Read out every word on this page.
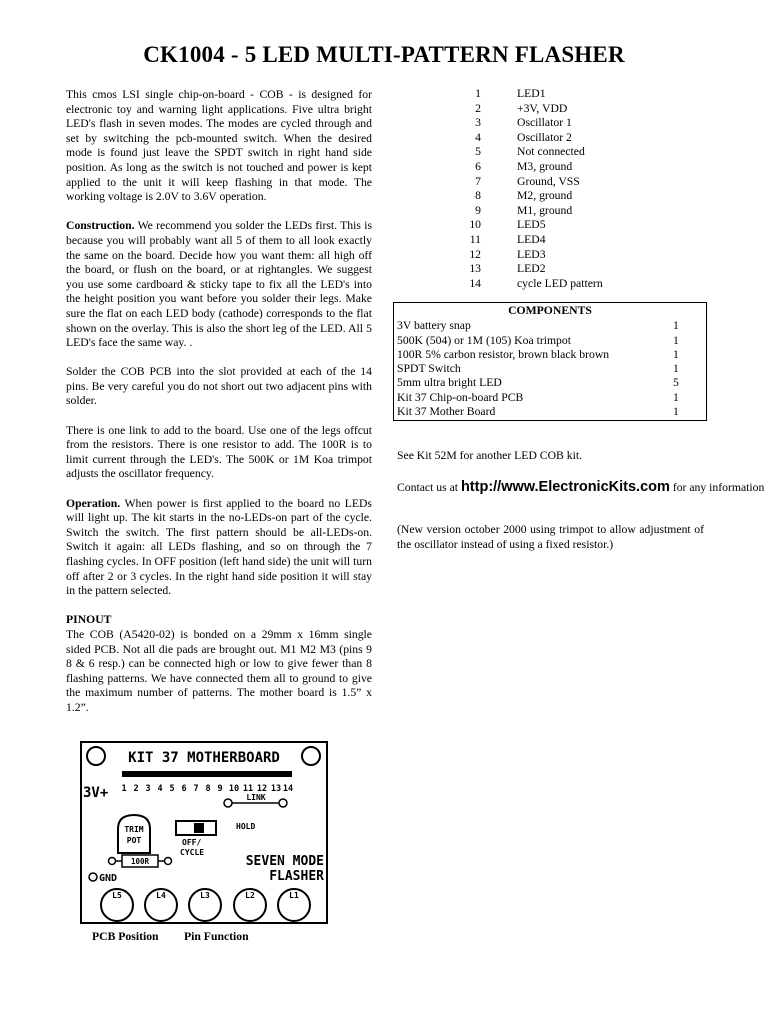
CK1004 - 5 LED MULTI-PATTERN FLASHER

This cmos LSI single chip-on-board - COB - is designed for electronic toy and warning light applications. Five ultra bright LED's flash in seven modes. The modes are cycled through and set by switching the pcb-mounted switch. When the desired mode is found just leave the SPDT switch in right hand side position. As long as the switch is not touched and power is kept applied to the unit it will keep flashing in that mode. The working voltage is 2.0V to 3.6V operation.

Construction. We recommend you solder the LEDs first. This is because you will probably want all 5 of them to all look exactly the same on the board. Decide how you want them: all high off the board, or flush on the board, or at rightangles. We suggest you use some cardboard & sticky tape to fix all the LED's into the height position you want before you solder their legs. Make sure the flat on each LED body (cathode) corresponds to the flat shown on the overlay. This is also the short leg of the LED. All 5 LED's face the same way. .

Solder the COB PCB into the slot provided at each of the 14 pins. Be very careful you do not short out two adjacent pins with solder.

There is one link to add to the board. Use one of the legs offcut from the resistors. There is one resistor to add. The 100R is to limit current through the LED's. The 500K or 1M Koa trimpot adjusts the oscillator frequency.

Operation. When power is first applied to the board no LEDs will light up. The kit starts in the no-LEDs-on part of the cycle. Switch the switch. The first pattern should be all-LEDs-on. Switch it again: all LEDs flashing, and so on through the 7 flashing cycles. In OFF position (left hand side) the unit will turn off after 2 or 3 cycles. In the right hand side position it will stay in the pattern selected.

PINOUT

The COB (A5420-02) is bonded on a 29mm x 16mm single sided PCB. Not all die pads are brought out. M1 M2 M3 (pins 9 8 & 6 resp.) can be connected high or low to give fewer than 8 flashing patterns. We have connected them all to ground to give the maximum number of patterns. The mother board is 1.5” x 1.2”.

1	LED1
2	+3V, VDD
3	Oscillator 1
4	Oscillator 2
5	Not connected
6	M3, ground
7	Ground, VSS
8	M2, ground
9	M1, ground
10	LED5
11	LED4
12	LED3
13	LED2
14	cycle LED pattern
COMPONENTS
3V battery snap	1
500K (504) or 1M (105) Koa trimpot	1
100R 5% carbon resistor, brown black brown	1
SPDT Switch	1
5mm ultra bright LED	5
Kit 37 Chip-on-board PCB	1
Kit 37 Mother Board	1
See Kit 52M for another LED COB kit.
Contact us at http://www.ElectronicKits.com for any information
(New version october 2000 using trimpot to allow adjustment of the oscillator instead of using a fixed resistor.)
KIT 37 MOTHERBOARD
3V+ 1 2 3 4 5 6 7 8 9 10 11 12 13 14
LINK
TRIM
POT
HOLD
OFF/
CYCLE
100R
GND
SEVEN MODE
FLASHER
L5	L4	L3	L2	L1
PCB Position Pin Function
